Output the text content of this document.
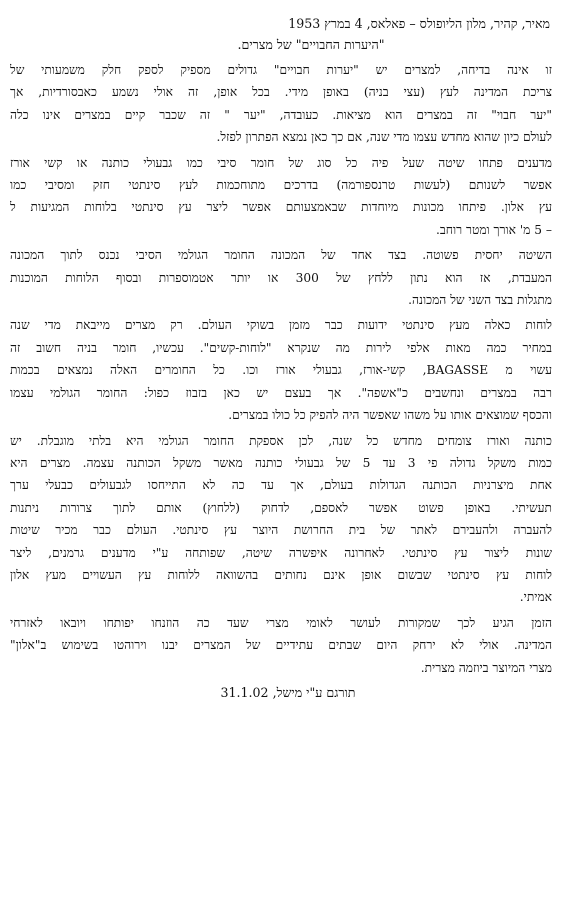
מאיר, קהיר, מלון הליופולס – פאלאס, 4 במרץ 1953
"היערות החבויים" של מצרים.
זו אינה בדיחה, למצרים יש "יערות חבויים" גדולים מספיק לספק חלק משמעותי של
צריכת המדינה לעץ (עצי בניה) באופן מידי. בכל אופן, זה אולי נשמע כאבסורדיות, אך
"יער חבוי" זה במצרים הוא מציאות. כעובדה, "יער " זה שכבר קיים במצרים אינו כלה
לעולם כיון שהוא מחדש עצמו מדי שנה, אם כך כאן נמצא הפתרון לפזל.
מדענים פתחו שיטה שעל פיה כל סוג של חומר סיבי כמו גבעולי כותנה או קשי אורז
אפשר לשנותם (לעשות טרנספורמה) בדרכים מתוחכמות לעץ סינתטי חזק ומסיבי כמו
עץ אלון. פיתחו מכונות מיוחדות שבאמצעותם אפשר ליצר עץ סינתטי בלוחות המגיעות ל
– 5 מ' אורך ומטר רוחב.
השיטה יחסית פשוטה. בצד אחד של המכונה החומר הגולמי הסיבי נכנס לתוך המכונה
המעבדת, אז הוא נתון ללחץ של 300 או יותר אטמוספרות ובסוף הלוחות המוכנות
מתגלות בצד השני של המכונה.
לוחות כאלה מעץ סינתטי ידועות כבר מזמן בשוקי העולם. רק מצרים מייבאת מדי שנה
במחיר כמה מאות אלפי לירות מה שנקרא "לוחות-קשים". עכשיו, חומר בניה חשוב זה
עשוי מ BAGASSE, קשי-אורז, גבעולי אורז וכו. כל החומרים האלה נמצאים בכמות
רבה במצרים ונחשבים כ"אשפה". אך בעצם יש כאן בזבוז כפול: החומר הגולמי עצמו
והכסף שמוצאים אותו על משהו שאפשר היה להפיק כל כולו במצרים.
כותנה ואורז צומחים מחדש כל שנה, לכן אספקת החומר הגולמי היא בלתי מוגבלת. יש
כמות משקל גדולה פי 3 עד 5 של גבעולי כותנה מאשר משקל הכותנה עצמה. מצרים היא
אחת מיצרניות הכותנה הגדולות בעולם, אך עד כה לא התייחסו לגבעולים כבעלי ערך
תעשיתי. באופן פשוט אפשר לאספם, לדחוק (ללחוץ) אותם לתוך צרורות ניתנות
להעברה ולהעבירם לאתר של בית החרושת היוצר עץ סינתטי. העולם כבר מכיר שיטות
שונות ליצור עץ סינתטי. לאחרונה איפשרה שיטה, שפותחה ע"י מדענים גרמנים, ליצר
לוחות עץ סינתטי שבשום אופן אינם נחותים בהשוואה ללוחות עץ העשויים מעץ אלון
אמיתי.
הזמן הגיע לכך שמקורות לעושר לאומי מצרי שעד כה הוזנחו יפותחו ויובאו לאזרחי
המדינה. אולי לא ירחק היום שבתים עתידיים של המצרים יבנו וירוהטו בשימוש ב"אלון"
מצרי המיוצר ביוזמה מצרית.
תורגם ע"י מישל, 31.1.02
